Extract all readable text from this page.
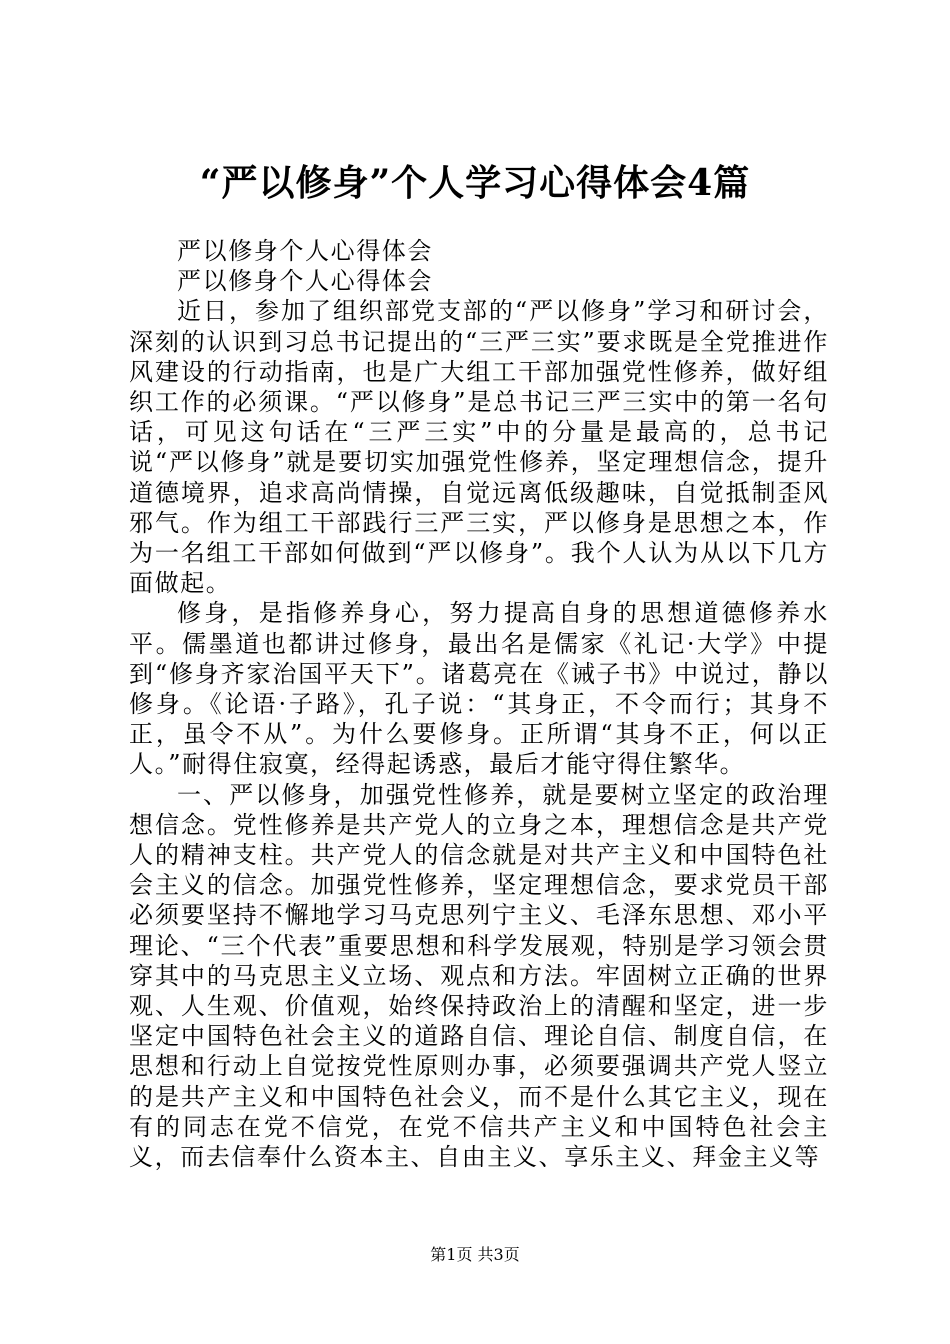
“严以修身”个人学习心得体会4篇

严以修身个人心得体会

严以修身个人心得体会

近日，参加了组织部党支部的“严以修身”学习和研讨会，深刻的认识到习总书记提出的“三严三实”要求既是全党推进作风建设的行动指南，也是广大组工干部加强党性修养，做好组织工作的必须课。“严以修身”是总书记三严三实中的第一名句话，可见这句话在“三严三实”中的分量是最高的，总书记说“严以修身”就是要切实加强党性修养，坚定理想信念，提升道德境界，追求高尚情操，自觉远离低级趣味，自觉抵制歪风邪气。作为组工干部践行三严三实，严以修身是思想之本，作为一名组工干部如何做到“严以修身”。我个人认为从以下几方面做起。

修身，是指修养身心，努力提高自身的思想道德修养水平。儒墨道也都讲过修身，最出名是儒家《礼记·大学》中提到“修身齐家治国平天下”。诸葛亮在《诫子书》中说过，静以修身。《论语·子路》，孔子说：“其身正，不令而行；其身不正，虽令不从”。为什么要修身。正所谓“其身不正，何以正人。”耐得住寂寞，经得起诱惑，最后才能守得住繁华。

一、严以修身，加强党性修养，就是要树立坚定的政治理想信念。党性修养是共产党人的立身之本，理想信念是共产党人的精神支柱。共产党人的信念就是对共产主义和中国特色社会主义的信念。加强党性修养，坚定理想信念，要求党员干部必须要坚持不懈地学习马克思列宁主义、毛泽东思想、邓小平理论、“三个代表”重要思想和科学发展观，特别是学习领会贯穿其中的马克思主义立场、观点和方法。牢固树立正确的世界观、人生观、价值观，始终保持政治上的清醒和坚定，进一步坚定中国特色社会主义的道路自信、理论自信、制度自信，在思想和行动上自觉按党性原则办事，必须要强调共产党人竖立的是共产主义和中国特色社会义，而不是什么其它主义，现在有的同志在党不信党，在党不信共产主义和中国特色社会主义，而去信奉什么资本主、自由主义、享乐主义、拜金主义等

第1页 共3页
